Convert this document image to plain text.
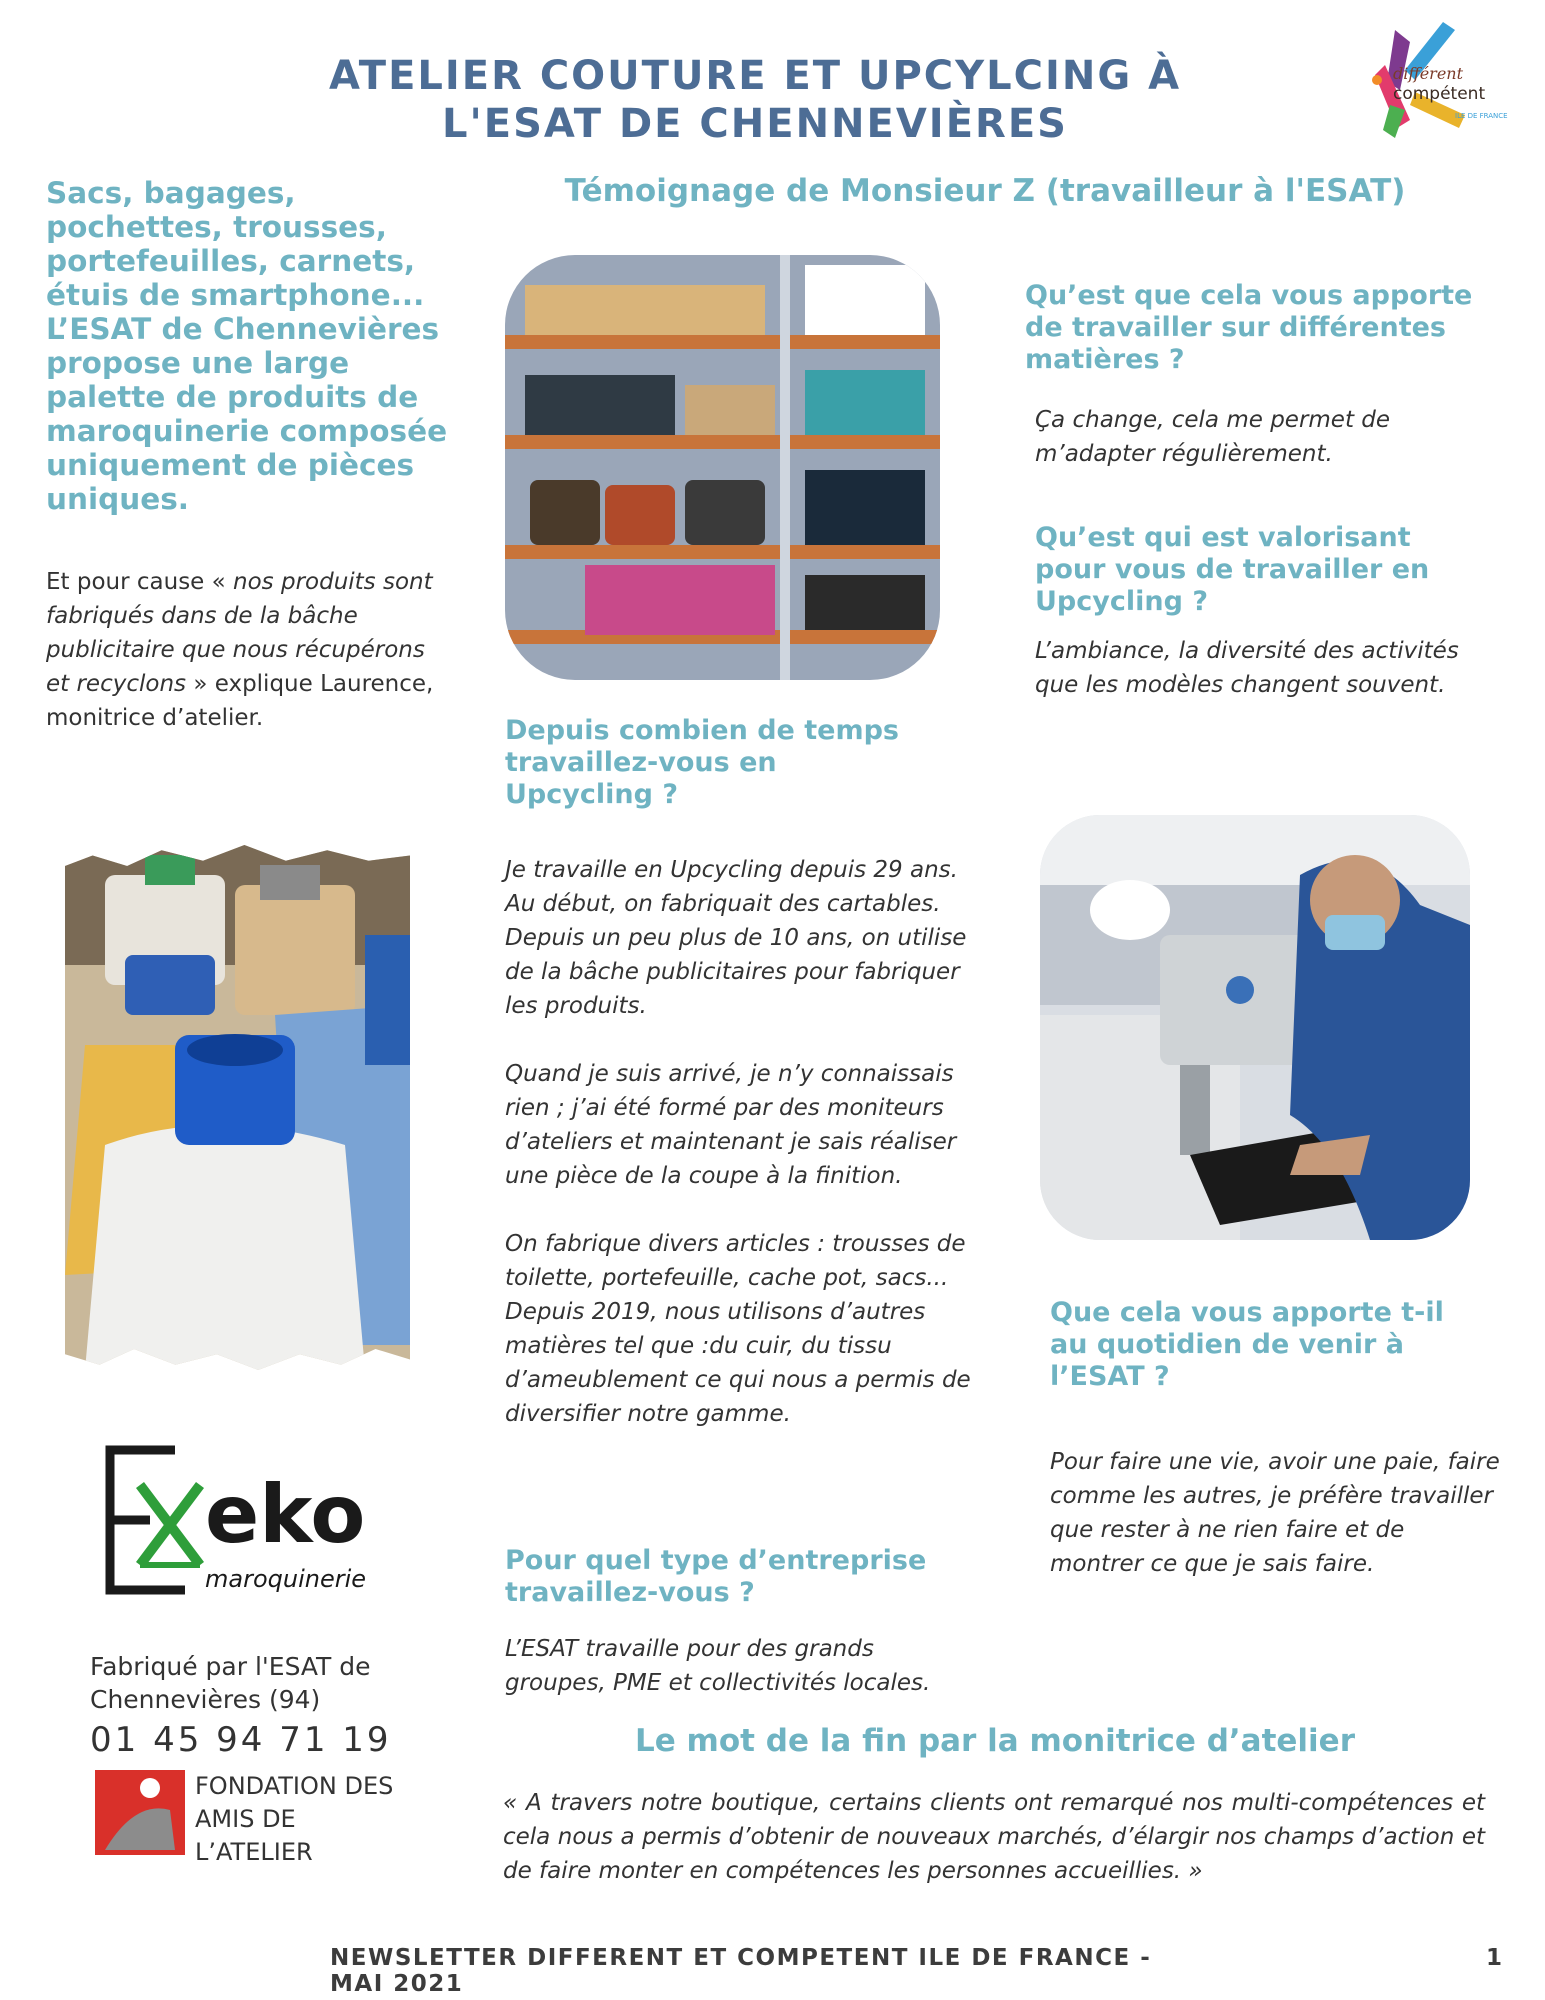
ATELIER COUTURE ET UPCYLCING À
L'ESAT DE CHENNEVIÈRES
différent
compétent
ILE DE FRANCE
Sacs, bagages, pochettes, trousses, portefeuilles, carnets, étuis de smartphone... L’ESAT de Chennevières propose une large palette de produits de maroquinerie composée uniquement de pièces uniques.
Et pour cause « nos produits sont fabriqués dans de la bâche publicitaire que nous récupérons et recyclons » explique Laurence, monitrice d’atelier.
eko
maroquinerie
Fabriqué par l'ESAT de Chennevières (94)
01 45 94 71 19
FONDATION DES AMIS DE L’ATELIER
Témoignage de Monsieur Z (travailleur à l'ESAT)
Depuis combien de temps travaillez-vous en Upcycling ?
Je travaille en Upcycling depuis 29 ans. Au début, on fabriquait des cartables. Depuis un peu plus de 10 ans, on utilise de la bâche publicitaires pour fabriquer les produits.

Quand je suis arrivé, je n’y connaissais rien ; j’ai été formé par des moniteurs d’ateliers et maintenant je sais réaliser une pièce de la coupe à la finition.

On fabrique divers articles : trousses de toilette, portefeuille, cache pot, sacs... Depuis 2019, nous utilisons d’autres matières tel que :du cuir, du tissu d’ameublement ce qui nous a permis de diversifier notre gamme.
Pour quel type d’entreprise travaillez-vous ?
L’ESAT travaille pour des grands groupes, PME et collectivités locales.
Qu’est que cela vous apporte de travailler sur différentes matières ?
Ça change, cela me permet de m’adapter régulièrement.
Qu’est qui est valorisant pour vous de travailler en Upcycling ?
L’ambiance, la diversité des activités que les modèles changent souvent.
Que cela vous apporte t-il au quotidien de venir à l’ESAT ?
Pour faire une vie, avoir une paie, faire comme les autres, je préfère travailler que rester à ne rien faire et de montrer ce que je sais faire.
Le mot de la fin par la monitrice d’atelier
« A travers notre boutique, certains clients ont remarqué nos multi-compétences et cela nous a permis d’obtenir de nouveaux marchés, d’élargir nos champs d’action et de faire monter en compétences les personnes accueillies. »
NEWSLETTER DIFFERENT ET COMPETENT ILE DE FRANCE - MAI 2021
1
